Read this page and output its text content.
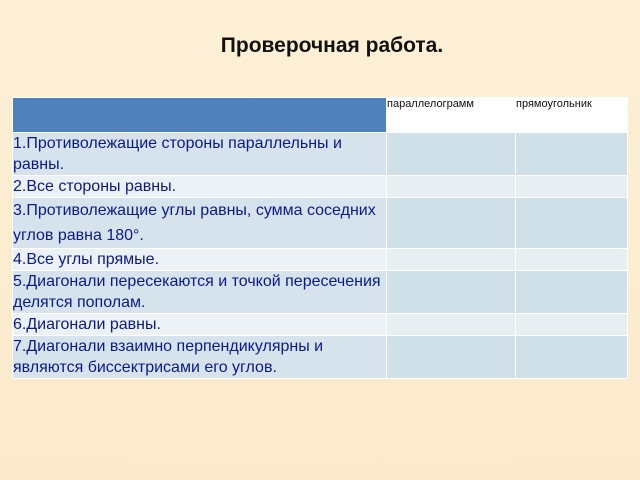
Проверочная работа.
	параллелограмм	прямоугольник
1.Противолежащие стороны параллельны и равны.		
2.Все стороны равны.		
3.Противолежащие углы равны, сумма соседних углов равна 180°.		
4.Все углы прямые.		
5.Диагонали пересекаются и точкой пересечения делятся пополам.		
6.Диагонали равны.		
7.Диагонали взаимно перпендикулярны и являются биссектрисами его углов.		
